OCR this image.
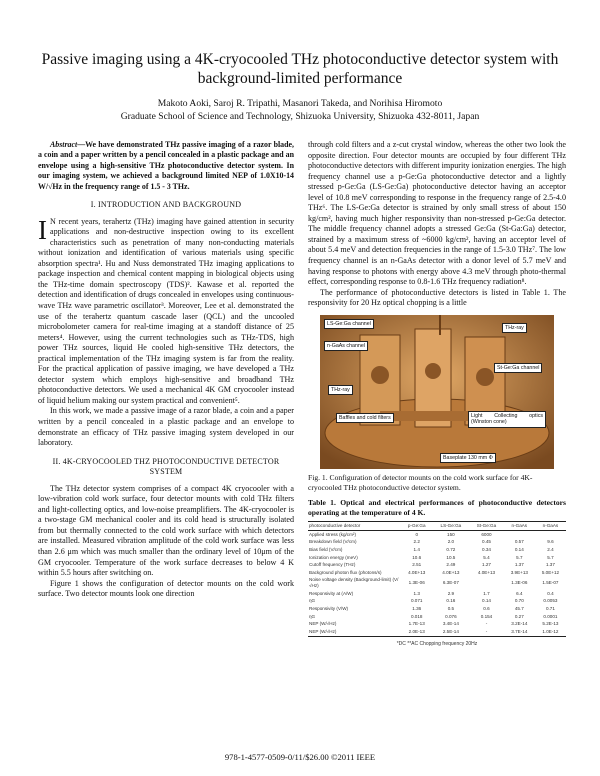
Passive imaging using a 4K-cryocooled THz photoconductive detector system with background-limited performance
Makoto Aoki, Saroj R. Tripathi, Masanori Takeda, and Norihisa Hiromoto
Graduate School of Science and Technology, Shizuoka University, Shizuoka 432-8011, Japan
Abstract—We have demonstrated THz passive imaging of a razor blade, a coin and a paper written by a pencil concealed in a plastic package and an envelope using a high-sensitive THz photoconductive detector system. In our imaging system, we achieved a background limited NEP of 1.0X10-14 W/√Hz in the frequency range of 1.5 - 3 THz.
I. INTRODUCTION AND BACKGROUND

I N recent years, terahertz (THz) imaging have gained attention in security applications and non-destructive inspection owing to its excellent characteristics such as penetration of many non-conducting materials without ionization and identification of various materials using specific absorption spectra¹. Hu and Nuss demonstrated THz imaging applications to package inspection and chemical content mapping in biological objects using the THz-time domain spectroscopy (TDS)². Kawase et al. reported the detection and identification of drugs concealed in envelopes using continuous-wave THz wave parametric oscillator³. Moreover, Lee et al. demonstrated the use of the terahertz quantum cascade laser (QCL) and the uncooled microbolometer camera for real-time imaging at a standoff distance of 25 meters⁴. However, using the current technologies such as THz-TDS, high power THz sources, liquid He cooled high-sensitive THz detectors, the practical implementation of the THz imaging system is far from the reality. For the practical application of passive imaging, we have developed a THz detector system which employs high-sensitive and broadband THz photoconductive detectors. We used a mechanical 4K GM cryocooler instead of liquid helium making our system practical and convenient⁵.

In this work, we made a passive image of a razor blade, a coin and a paper written by a pencil concealed in a plastic package and an envelope to demonstrate an efficacy of THz passive imaging system developed in our laboratory.

II. 4K-CRYOCOOLED THZ PHOTOCONDUCTIVE DETECTOR SYSTEM

The THz detector system comprises of a compact 4K cryocooler with a low-vibration cold work surface, four detector mounts with cold THz filters and light-collecting optics, and low-noise preamplifiers. The 4K-cryocooler is a two-stage GM mechanical cooler and its cold head is structurally isolated from but thermally connected to the cold work surface with which detectors are installed. Measured vibration amplitude of the cold work surface was less than 2.6 μm which was much smaller than the ordinary level of 10μm of the GM cryocooler. Temperature of the work surface decreases to below 4 K within 5.5 hours after switching on.

Figure 1 shows the configuration of detector mounts on the cold work surface. Two detector mounts look one direction

through cold filters and a z-cut crystal window, whereas the other two look the opposite direction. Four detector mounts are occupied by four different THz photoconductive detectors with different impurity ionization energies. The high frequency channel use a p-Ge:Ga photoconductive detector and a lightly stressed p-Ge:Ga (LS-Ge:Ga) photoconductive detector having an acceptor level of 10.8 meV corresponding to response in the frequency range of 2.5-4.0 THz⁶. The LS-Ge:Ga detector is strained by only small stress of about 150 kg/cm², having much higher responsivity than non-stressed p-Ge:Ga detector. The middle frequency channel adopts a stressed Ge:Ga (St-Ga:Ga) detector, strained by a maximum stress of ~6000 kg/cm², having an acceptor level of about 5.4 meV and detection frequencies in the range of 1.5-3.0 THz⁷. The low frequency channel is an n-GaAs detector with a donor level of 5.7 meV and having response to photons with energy above 4.3 meV through photo-thermal effect, corresponding response to 0.8-1.6 THz frequency radiation⁸.

The performance of photoconductive detectors is listed in Table 1. The responsivity for 20 Hz optical chopping is a little

LS-Ge:Ga channel
n-GaAs channel
THz-ray
St-Ge:Ga channel
THz-ray
Baffles and cold filters	Light Collecting optics (Winston cone)
Baseplate 130 mm Φ
Fig. 1. Configuration of detector mounts on the cold work surface for 4K-cryocooled THz photoconductive detector system.
Table 1. Optical and electrical performances of photoconductive detectors operating at the temperature of 4 K.
photoconductive detector	p-Ge:Ga	LS-Ge:Ga	St-Ge:Ga	n-GaAs	n-GaAs
Applied stress (kg/cm²)	0	150	6000		
Breakdown field (V/cm)	2.2	2.0	0.45	0.57	9.6
Bias field (V/cm)	1.4	0.72	0.34	0.14	2.4
Ionization energy (meV)	10.6	10.5	5.4	5.7	5.7
Cutoff frequency (THz)	2.51	2.49	1.27	1.37	1.37
Background photon flux (photons/s)	4.0E+13	4.0E+13	4.0E+13	3.9E+13	5.0E+12
Noise voltage density (Background-limit) (V/√Hz)	1.3E-06	6.3E-07		1.3E-06	1.5E-07
Responsivity at (A/W)	1.3	2.9	1.7	6.4	0.4
ηG	0.071	0.16	0.14	0.70	0.0053
Responsivity (V/W)	1.36	0.5	0.6	45.7	0.71
ηG	0.018	0.076	0.154	0.27	0.0001
NEP (W/√Hz)	1.7E-13	3.4E-14	-	3.2E-14	5.2E-13
NEP (W/√Hz)	2.0E-13	2.5E-14	-	3.7E-14	1.0E-12
*DC **AC Chopping frequency 20Hz
978-1-4577-0509-0/11/$26.00 ©2011 IEEE
